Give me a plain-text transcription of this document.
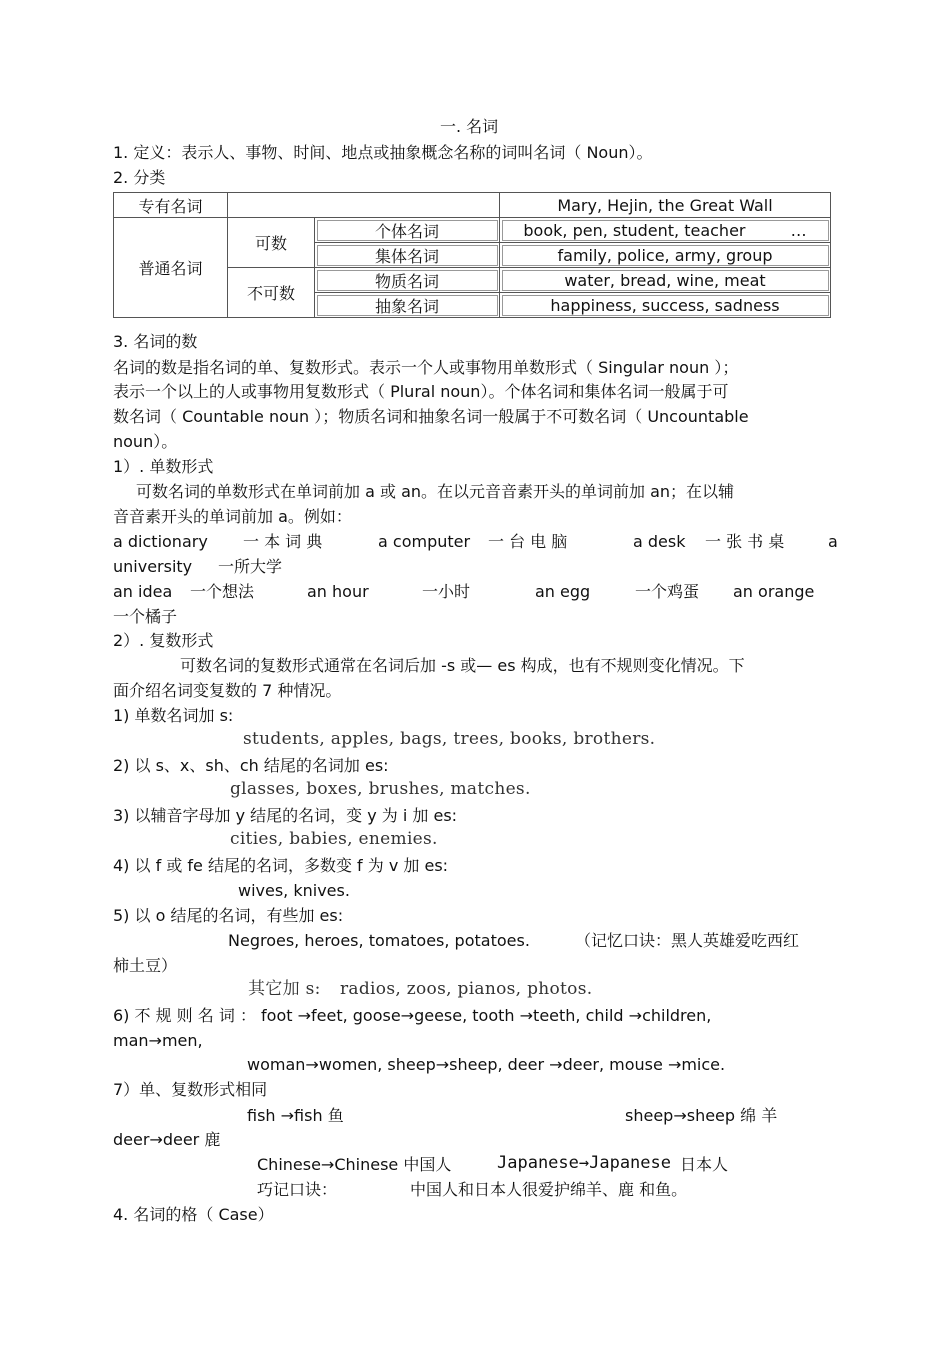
一. 名词
1. 定义：表示人、事物、时间、地点或抽象概念名称的词叫名词（ Noun）。
2. 分类
专有名词			Mary, Hejin, the Great Wall
普通名词	可数	个体名词	book, pen, student, teacher …
		集体名词	family, police, army, group
	不可数	物质名词	water, bread, wine, meat
		抽象名词	happiness, success, sadness
3. 名词的数
名词的数是指名词的单、复数形式。表示一个人或事物用单数形式（ Singular noun ）；
表示一个以上的人或事物用复数形式（ Plural noun）。个体名词和集体名词一般属于可
数名词（ Countable noun ）；物质名词和抽象名词一般属于不可数名词（ Uncountable
noun）。
1）. 单数形式
可数名词的单数形式在单词前加 a 或 an。在以元音音素开头的单词前加 an；在以辅
音音素开头的单词前加 a。例如：
a dictionary 一 本 词 典	a computer 一 台 电 脑	a desk 一 张 书 桌	a
university 一所大学
an idea 一个想法	an hour	一小时	an egg	一个鸡蛋 an orange
一个橘子
2）. 复数形式
可数名词的复数形式通常在名词后加 -s 或— es 构成，也有不规则变化情况。下
面介绍名词变复数的 7 种情况。
1) 单数名词加 s:
students, apples, bags, trees, books, brothers.
2) 以 s、x、sh、ch 结尾的名词加 es:
glasses, boxes, brushes, matches.
3) 以辅音字母加 y 结尾的名词，变 y 为 i 加 es:
cities, babies, enemies.
4) 以 f 或 fe 结尾的名词，多数变 f 为 v 加 es:
wives, knives.
5) 以 o 结尾的名词，有些加 es:
Negroes, heroes, tomatoes, potatoes.	（记忆口诀：黑人英雄爱吃西红
柿土豆）
其它加 s: radios, zoos, pianos, photos.
6) 不 规 则 名 词 ： foot →feet, goose→geese, tooth →teeth, child →children,
man→men,
woman→women, sheep→sheep, deer →deer, mouse →mice.
7）单、复数形式相同
fish →fish 鱼	sheep→sheep 绵 羊
deer→deer 鹿
Chinese→Chinese 中国人	Japanese→Japanese 日本人
巧记口诀：	中国人和日本人很爱护绵羊、鹿 和鱼。
4. 名词的格（ Case）
